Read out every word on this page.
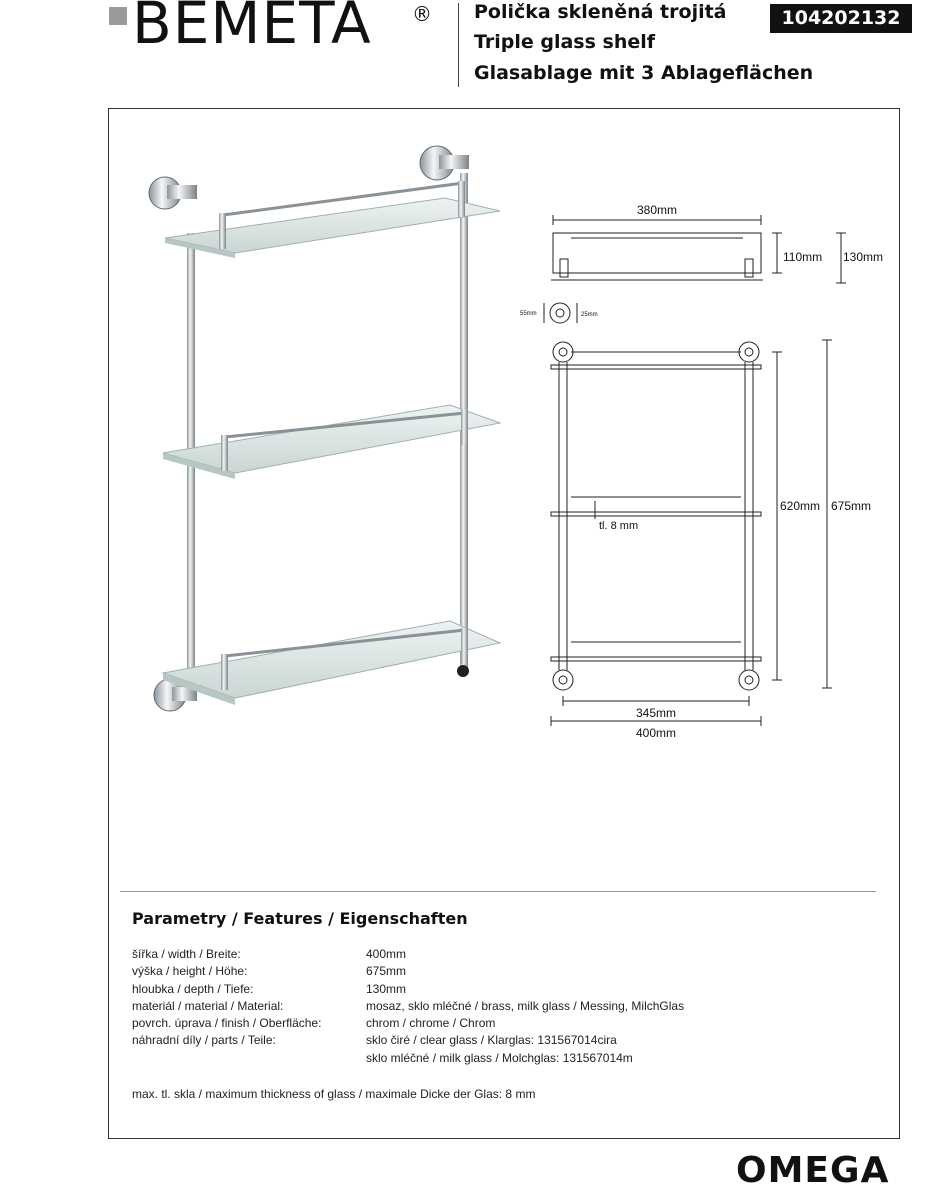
BEMETA ® Polička skleněná trojitá
Triple glass shelf
Glasablage mit 3 Ablageflächen
104202132
380mm
110mm 130mm
55mm	25mm
620mm 675mm
tl. 8 mm
345mm
400mm
Parametry / Features / Eigenschaften
šířka / width / Breite:	400mm
výška / height / Höhe:	675mm
hloubka / depth / Tiefe:	130mm
materiál / material / Material:	mosaz, sklo mléčné / brass, milk glass / Messing, MilchGlas
povrch. úprava / finish / Oberfläche:	chrom / chrome / Chrom
náhradní díly / parts / Teile:	sklo čiré / clear glass / Klarglas: 131567014cira
sklo mléčné / milk glass / Molchglas: 131567014m
max. tl. skla / maximum thickness of glass / maximale Dicke der Glas: 8 mm
OMEGA
